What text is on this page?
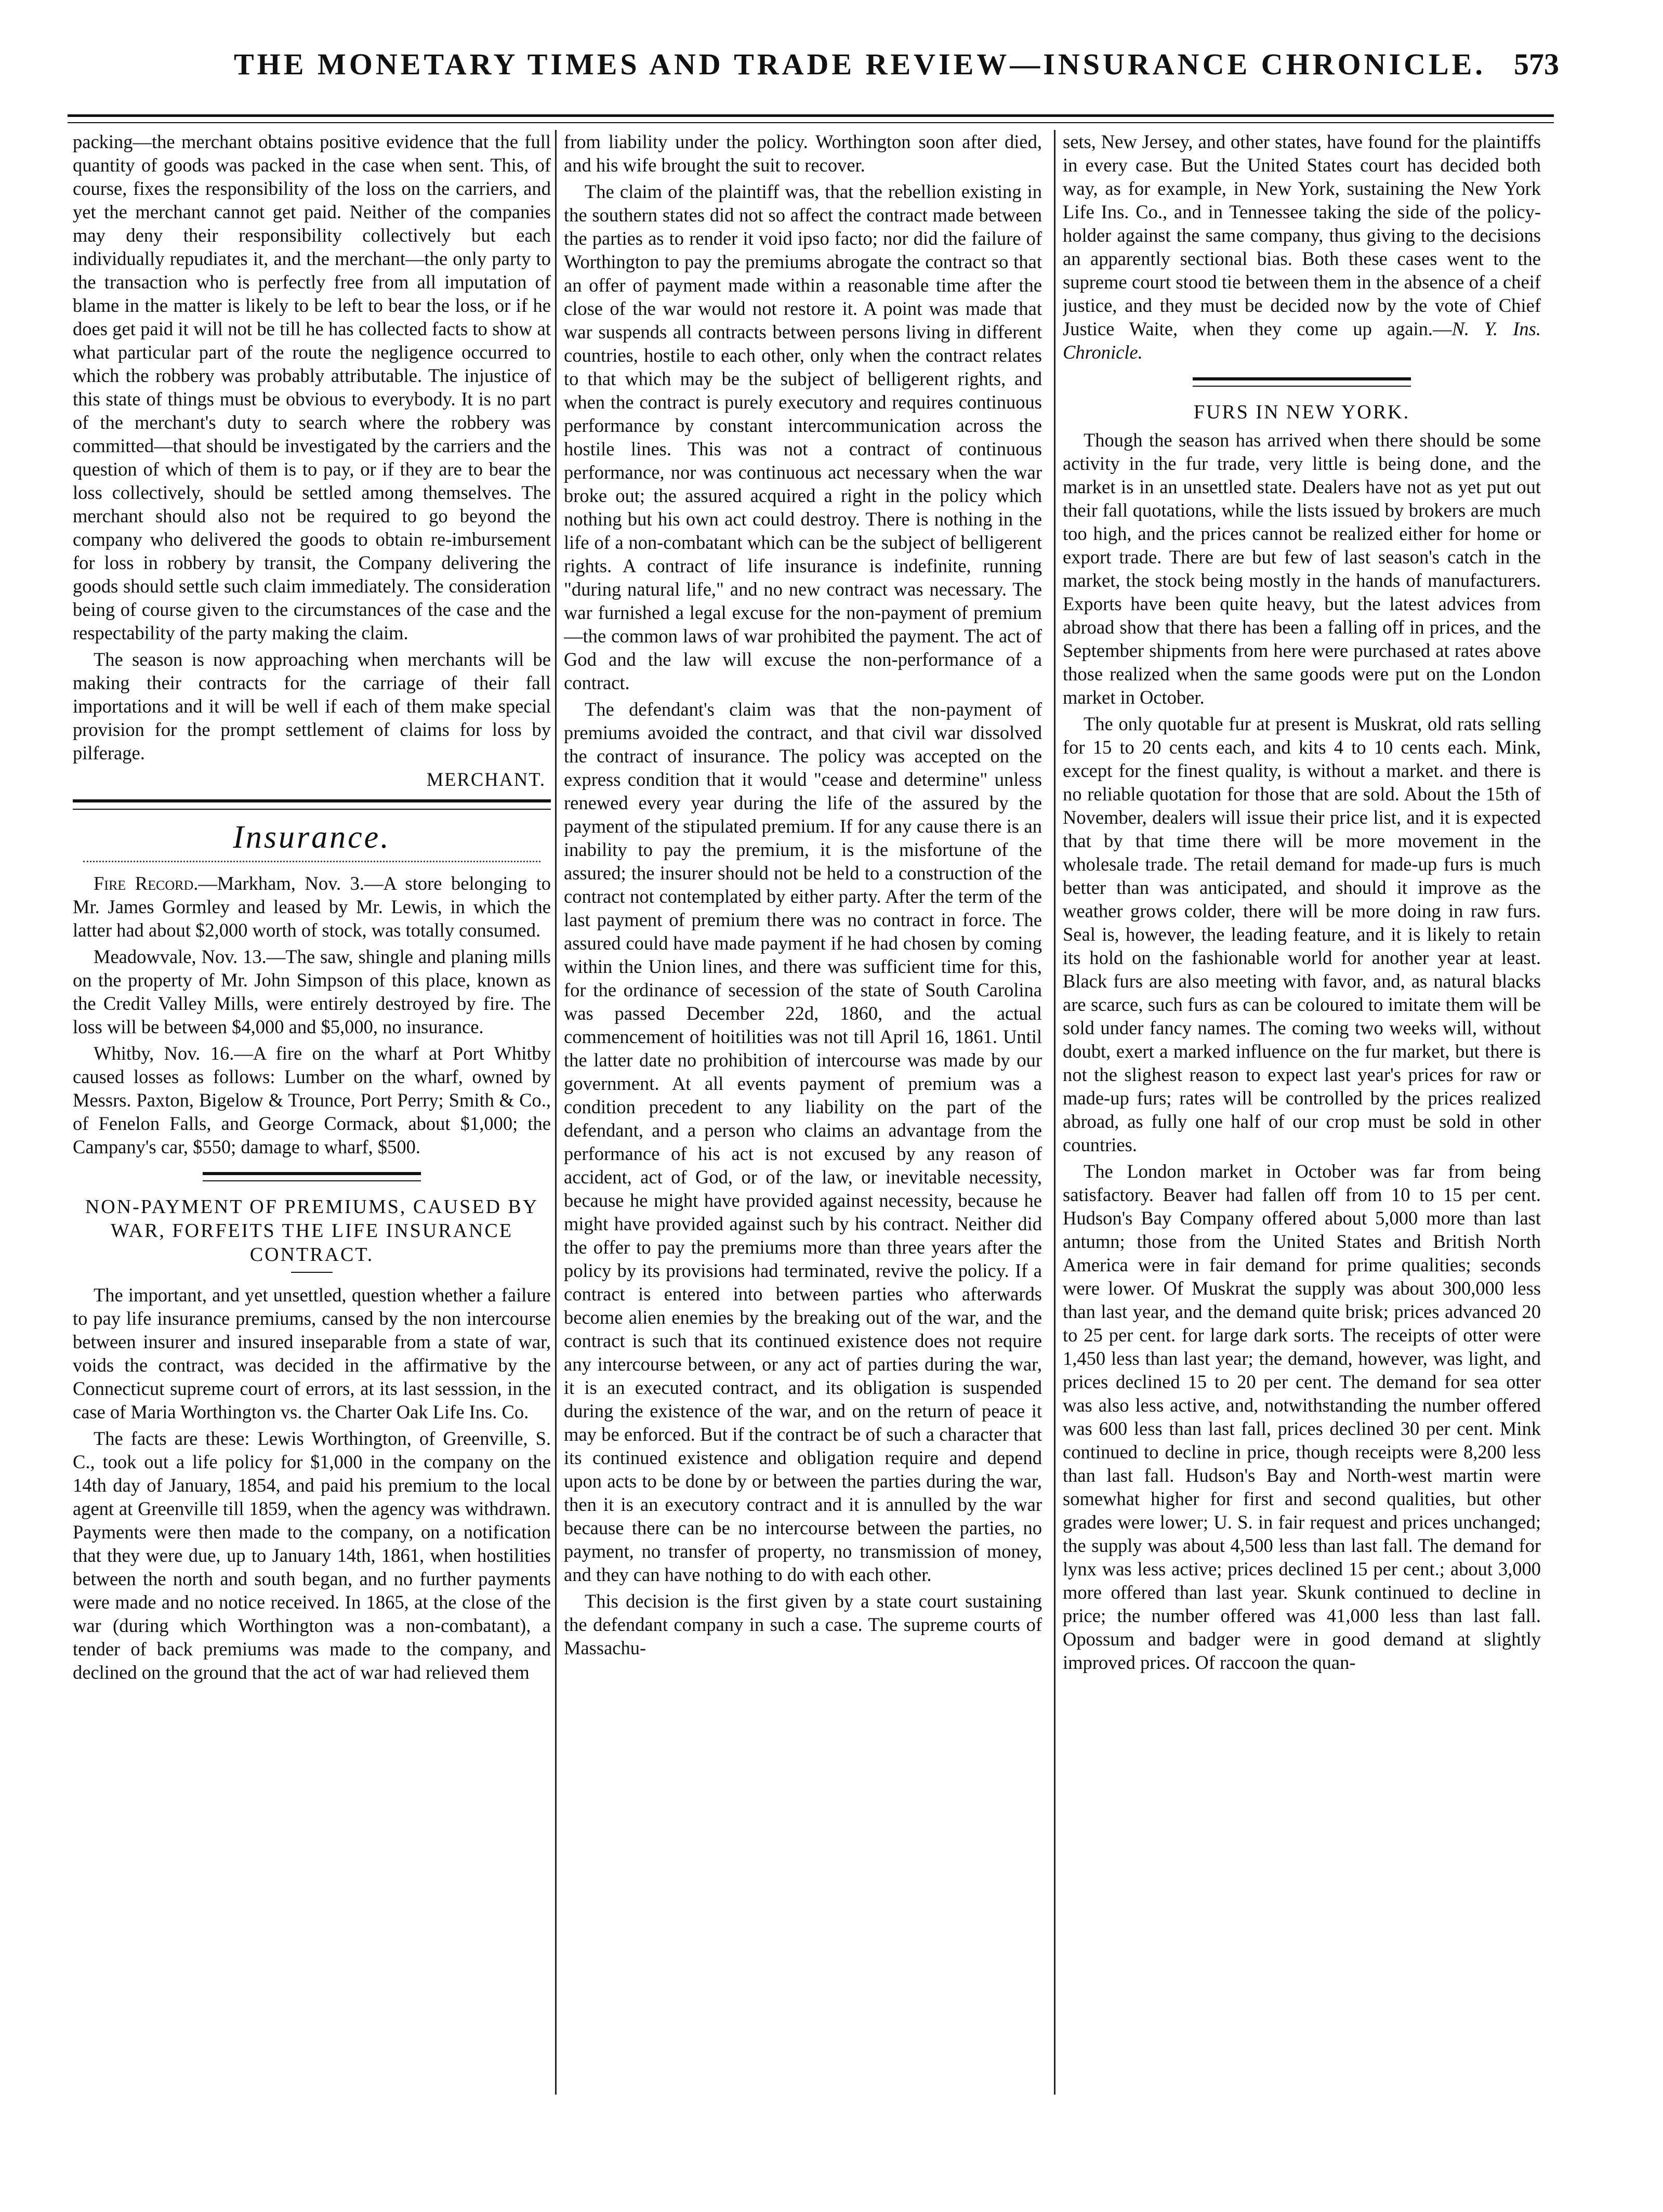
THE MONETARY TIMES AND TRADE REVIEW—INSURANCE CHRONICLE. 573

packing—the merchant obtains positive evidence that the full quantity of goods was packed in the case when sent. This, of course, fixes the responsibility of the loss on the carriers, and yet the merchant cannot get paid. Neither of the companies may deny their responsibility collectively but each individually repudiates it, and the merchant—the only party to the transaction who is perfectly free from all imputation of blame in the matter is likely to be left to bear the loss, or if he does get paid it will not be till he has collected facts to show at what particular part of the route the negligence occurred to which the robbery was probably attributable. The injustice of this state of things must be obvious to everybody. It is no part of the merchant's duty to search where the robbery was committed—that should be investigated by the carriers and the question of which of them is to pay, or if they are to bear the loss collectively, should be settled among themselves. The merchant should also not be required to go beyond the company who delivered the goods to obtain re-imbursement for loss in robbery by transit, the Company delivering the goods should settle such claim immediately. The consideration being of course given to the circumstances of the case and the respectability of the party making the claim.

The season is now approaching when merchants will be making their contracts for the carriage of their fall importations and it will be well if each of them make special provision for the prompt settlement of claims for loss by pilferage.

MERCHANT.

Insurance.

Fire Record.—Markham, Nov. 3.—A store belonging to Mr. James Gormley and leased by Mr. Lewis, in which the latter had about $2,000 worth of stock, was totally consumed.

Meadowvale, Nov. 13.—The saw, shingle and planing mills on the property of Mr. John Simpson of this place, known as the Credit Valley Mills, were entirely destroyed by fire. The loss will be between $4,000 and $5,000, no insurance.

Whitby, Nov. 16.—A fire on the wharf at Port Whitby caused losses as follows: Lumber on the wharf, owned by Messrs. Paxton, Bigelow & Trounce, Port Perry; Smith & Co., of Fenelon Falls, and George Cormack, about $1,000; the Campany's car, $550; damage to wharf, $500.

NON-PAYMENT OF PREMIUMS, CAUSED BY WAR, FORFEITS THE LIFE INSURANCE CONTRACT.

The important, and yet unsettled, question whether a failure to pay life insurance premiums, cansed by the non intercourse between insurer and insured inseparable from a state of war, voids the contract, was decided in the affirmative by the Connecticut supreme court of errors, at its last sesssion, in the case of Maria Worthington vs. the Charter Oak Life Ins. Co.

The facts are these: Lewis Worthington, of Greenville, S. C., took out a life policy for $1,000 in the company on the 14th day of January, 1854, and paid his premium to the local agent at Greenville till 1859, when the agency was withdrawn. Payments were then made to the company, on a notification that they were due, up to January 14th, 1861, when hostilities between the north and south began, and no further payments were made and no notice received. In 1865, at the close of the war (during which Worthington was a non-combatant), a tender of back premiums was made to the company, and declined on the ground that the act of war had relieved them

from liability under the policy. Worthington soon after died, and his wife brought the suit to recover.

The claim of the plaintiff was, that the rebellion existing in the southern states did not so affect the contract made between the parties as to render it void ipso facto; nor did the failure of Worthington to pay the premiums abrogate the contract so that an offer of payment made within a reasonable time after the close of the war would not restore it. A point was made that war suspends all contracts between persons living in different countries, hostile to each other, only when the contract relates to that which may be the subject of belligerent rights, and when the contract is purely executory and requires continuous performance by constant intercommunication across the hostile lines. This was not a contract of continuous performance, nor was continuous act necessary when the war broke out; the assured acquired a right in the policy which nothing but his own act could destroy. There is nothing in the life of a non-combatant which can be the subject of belligerent rights. A contract of life insurance is indefinite, running "during natural life," and no new contract was necessary. The war furnished a legal excuse for the non-payment of premium—the common laws of war prohibited the payment. The act of God and the law will excuse the non-performance of a contract.

The defendant's claim was that the non-payment of premiums avoided the contract, and that civil war dissolved the contract of insurance. The policy was accepted on the express condition that it would "cease and determine" unless renewed every year during the life of the assured by the payment of the stipulated premium. If for any cause there is an inability to pay the premium, it is the misfortune of the assured; the insurer should not be held to a construction of the contract not contemplated by either party. After the term of the last payment of premium there was no contract in force. The assured could have made payment if he had chosen by coming within the Union lines, and there was sufficient time for this, for the ordinance of secession of the state of South Carolina was passed December 22d, 1860, and the actual commencement of hoitilities was not till April 16, 1861. Until the latter date no prohibition of intercourse was made by our government. At all events payment of premium was a condition precedent to any liability on the part of the defendant, and a person who claims an advantage from the performance of his act is not excused by any reason of accident, act of God, or of the law, or inevitable necessity, because he might have provided against necessity, because he might have provided against such by his contract. Neither did the offer to pay the premiums more than three years after the policy by its provisions had terminated, revive the policy. If a contract is entered into between parties who afterwards become alien enemies by the breaking out of the war, and the contract is such that its continued existence does not require any intercourse between, or any act of parties during the war, it is an executed contract, and its obligation is suspended during the existence of the war, and on the return of peace it may be enforced. But if the contract be of such a character that its continued existence and obligation require and depend upon acts to be done by or between the parties during the war, then it is an executory contract and it is annulled by the war because there can be no intercourse between the parties, no payment, no transfer of property, no transmission of money, and they can have nothing to do with each other.

This decision is the first given by a state court sustaining the defendant company in such a case. The supreme courts of Massachu-

sets, New Jersey, and other states, have found for the plaintiffs in every case. But the United States court has decided both way, as for example, in New York, sustaining the New York Life Ins. Co., and in Tennessee taking the side of the policy-holder against the same company, thus giving to the decisions an apparently sectional bias. Both these cases went to the supreme court stood tie between them in the absence of a cheif justice, and they must be decided now by the vote of Chief Justice Waite, when they come up again.—N. Y. Ins. Chronicle.

FURS IN NEW YORK.

Though the season has arrived when there should be some activity in the fur trade, very little is being done, and the market is in an unsettled state. Dealers have not as yet put out their fall quotations, while the lists issued by brokers are much too high, and the prices cannot be realized either for home or export trade. There are but few of last season's catch in the market, the stock being mostly in the hands of manufacturers. Exports have been quite heavy, but the latest advices from abroad show that there has been a falling off in prices, and the September shipments from here were purchased at rates above those realized when the same goods were put on the London market in October.

The only quotable fur at present is Muskrat, old rats selling for 15 to 20 cents each, and kits 4 to 10 cents each. Mink, except for the finest quality, is without a market. and there is no reliable quotation for those that are sold. About the 15th of November, dealers will issue their price list, and it is expected that by that time there will be more movement in the wholesale trade. The retail demand for made-up furs is much better than was anticipated, and should it improve as the weather grows colder, there will be more doing in raw furs. Seal is, however, the leading feature, and it is likely to retain its hold on the fashionable world for another year at least. Black furs are also meeting with favor, and, as natural blacks are scarce, such furs as can be coloured to imitate them will be sold under fancy names. The coming two weeks will, without doubt, exert a marked influence on the fur market, but there is not the slighest reason to expect last year's prices for raw or made-up furs; rates will be controlled by the prices realized abroad, as fully one half of our crop must be sold in other countries.

The London market in October was far from being satisfactory. Beaver had fallen off from 10 to 15 per cent. Hudson's Bay Company offered about 5,000 more than last antumn; those from the United States and British North America were in fair demand for prime qualities; seconds were lower. Of Muskrat the supply was about 300,000 less than last year, and the demand quite brisk; prices advanced 20 to 25 per cent. for large dark sorts. The receipts of otter were 1,450 less than last year; the demand, however, was light, and prices declined 15 to 20 per cent. The demand for sea otter was also less active, and, notwithstanding the number offered was 600 less than last fall, prices declined 30 per cent. Mink continued to decline in price, though receipts were 8,200 less than last fall. Hudson's Bay and North-west martin were somewhat higher for first and second qualities, but other grades were lower; U. S. in fair request and prices unchanged; the supply was about 4,500 less than last fall. The demand for lynx was less active; prices declined 15 per cent.; about 3,000 more offered than last year. Skunk continued to decline in price; the number offered was 41,000 less than last fall. Opossum and badger were in good demand at slightly improved prices. Of raccoon the quan-
